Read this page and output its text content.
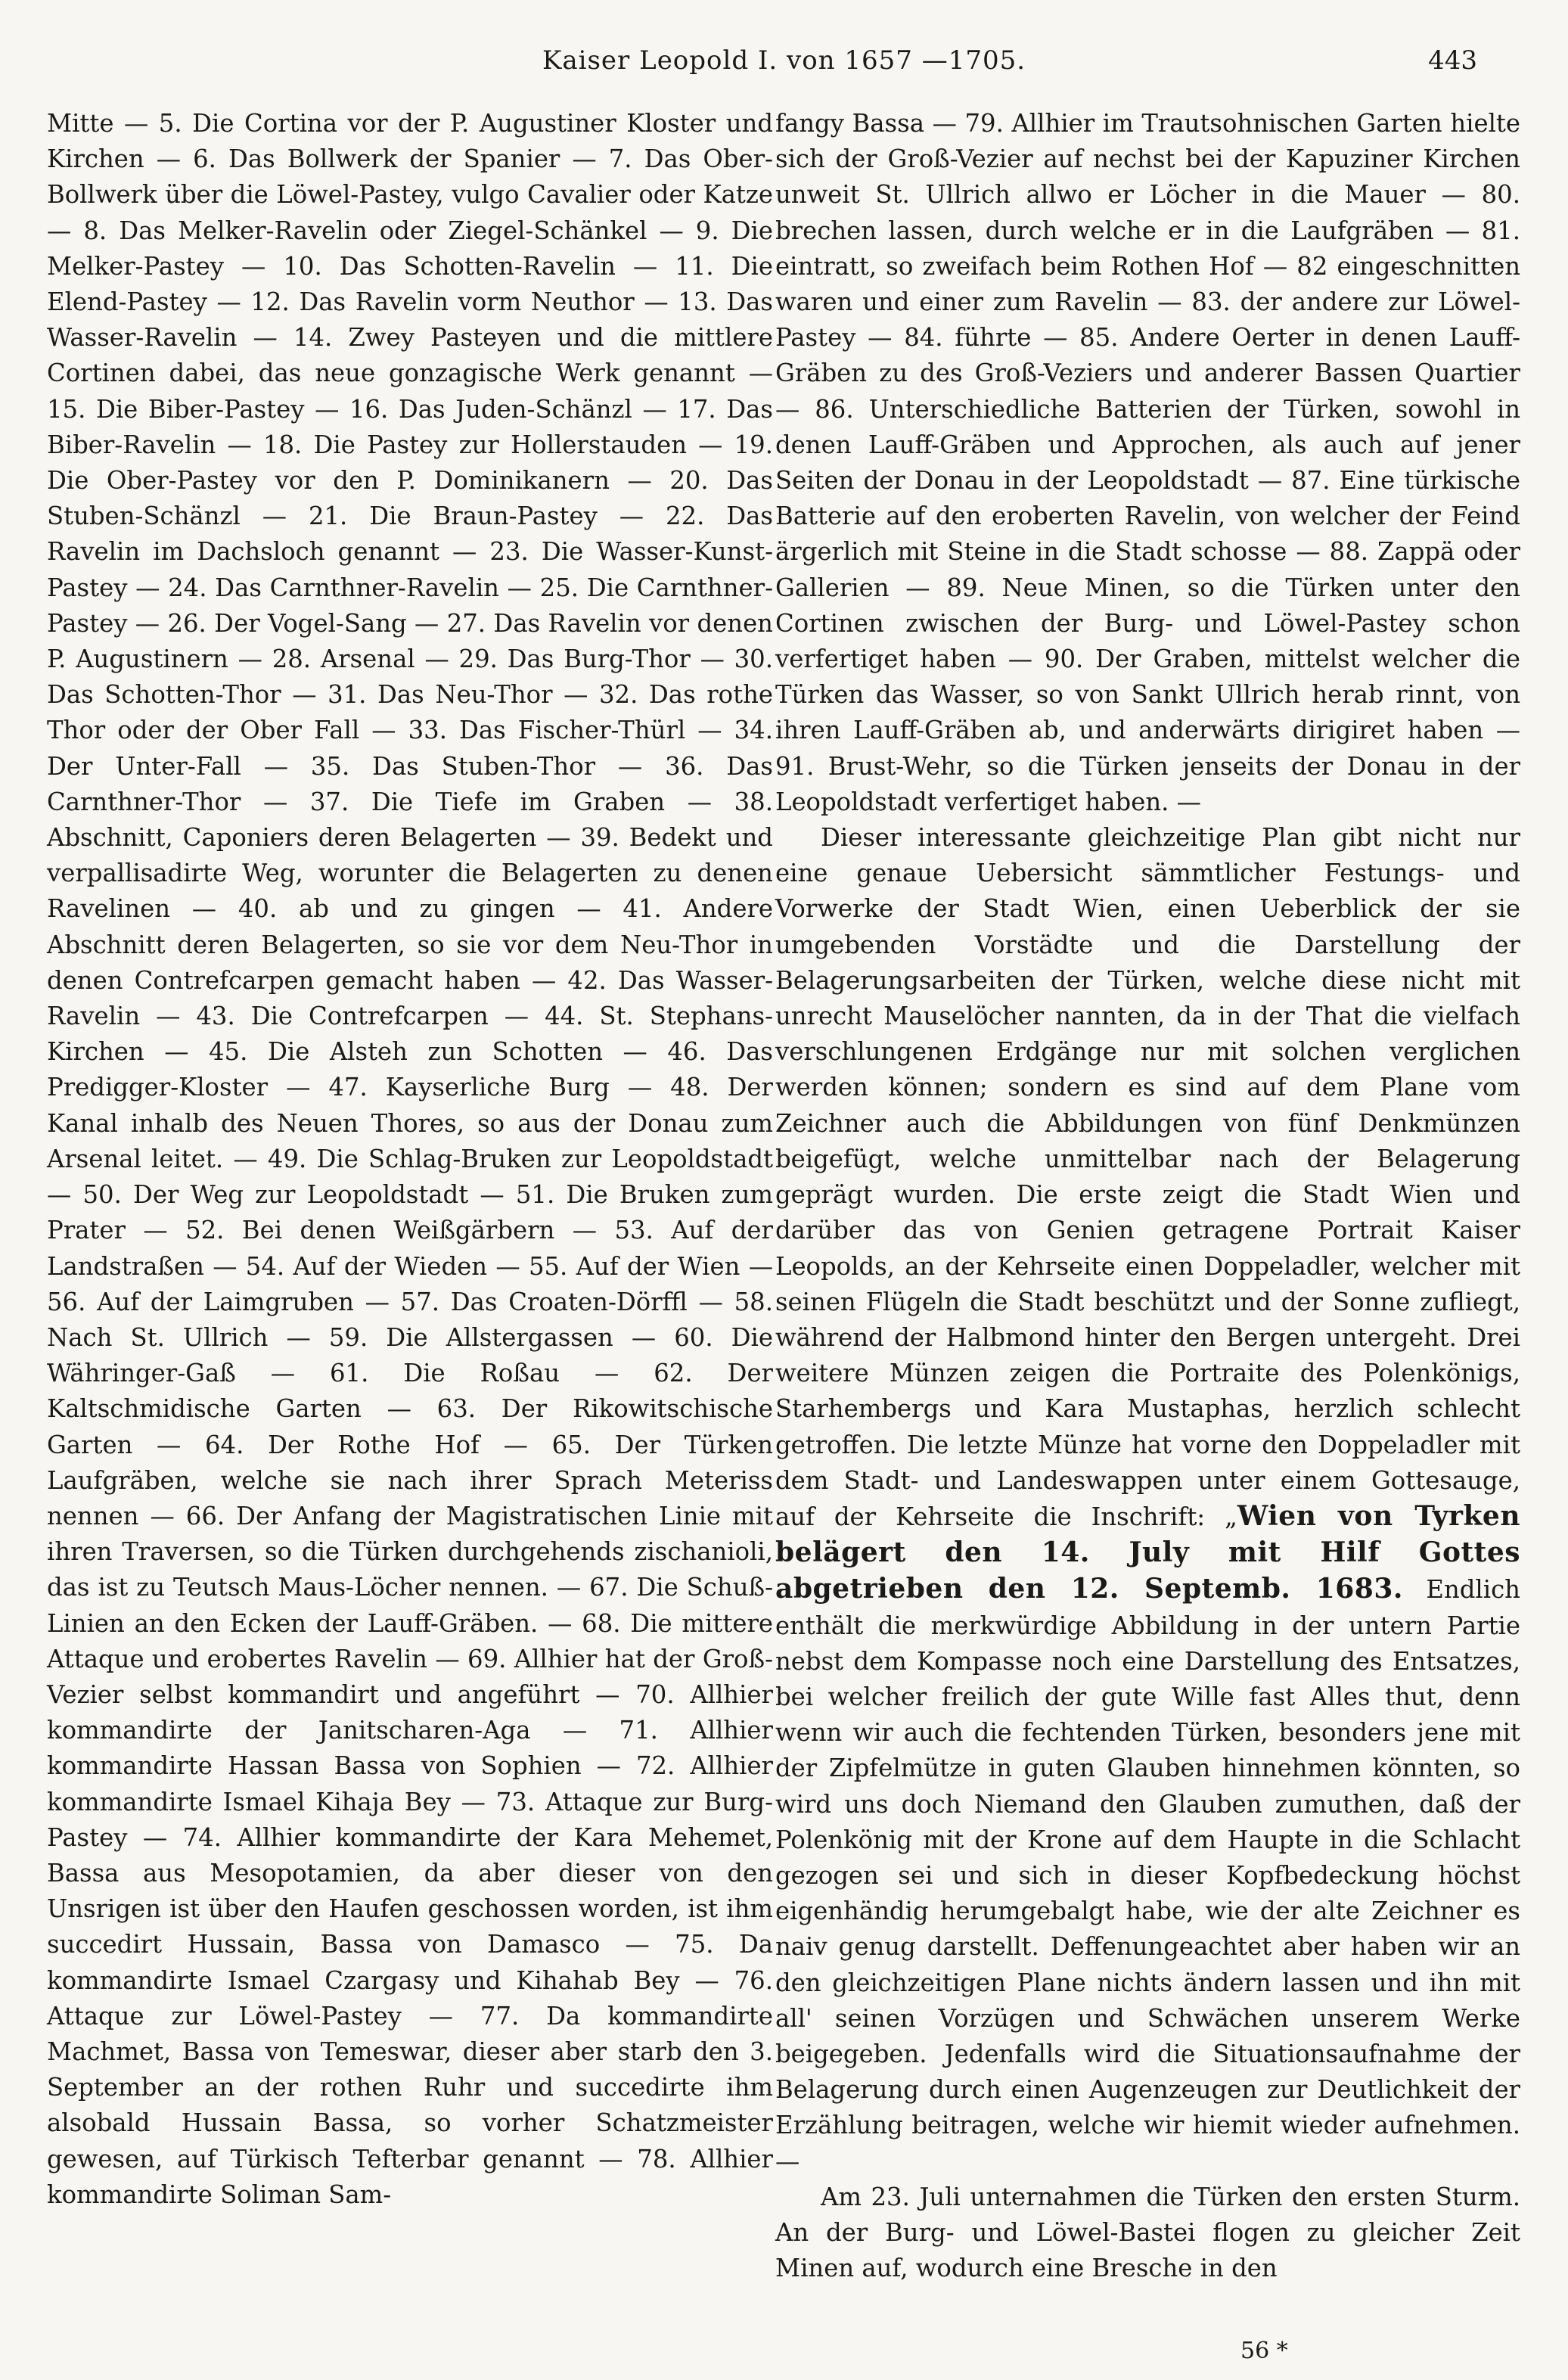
Kaiser Leopold I. von 1657 —1705.	443

Mitte — 5. Die Cortina vor der P. Augustiner Kloster und Kirchen — 6. Das Bollwerk der Spanier — 7. Das Ober-Bollwerk über die Löwel-Pastey, vulgo Cavalier oder Katze — 8. Das Melker-Ravelin oder Ziegel-Schänkel — 9. Die Melker-Pastey — 10. Das Schotten-Ravelin — 11. Die Elend-Pastey — 12. Das Ravelin vorm Neuthor — 13. Das Wasser-Ravelin — 14. Zwey Pasteyen und die mittlere Cortinen dabei, das neue gonzagische Werk genannt — 15. Die Biber-Pastey — 16. Das Juden-Schänzl — 17. Das Biber-Ravelin — 18. Die Pastey zur Hollerstauden — 19. Die Ober-Pastey vor den P. Dominikanern — 20. Das Stuben-Schänzl — 21. Die Braun-Pastey — 22. Das Ravelin im Dachsloch genannt — 23. Die Wasser-Kunst-Pastey — 24. Das Carnthner-Ravelin — 25. Die Carnthner-Pastey — 26. Der Vogel-Sang — 27. Das Ravelin vor denen P. Augustinern — 28. Arsenal — 29. Das Burg-Thor — 30. Das Schotten-Thor — 31. Das Neu-Thor — 32. Das rothe Thor oder der Ober Fall — 33. Das Fischer-Thürl — 34. Der Unter-Fall — 35. Das Stuben-Thor — 36. Das Carnthner-Thor — 37. Die Tiefe im Graben — 38. Abschnitt, Caponiers deren Belagerten — 39. Bedekt und verpallisadirte Weg, worunter die Belagerten zu denen Ravelinen — 40. ab und zu gingen — 41. Andere Abschnitt deren Belagerten, so sie vor dem Neu-Thor in denen Contrefcarpen gemacht haben — 42. Das Wasser-Ravelin — 43. Die Contrefcarpen — 44. St. Stephans-Kirchen — 45. Die Alsteh zun Schotten — 46. Das Predigger-Kloster — 47. Kayserliche Burg — 48. Der Kanal inhalb des Neuen Thores, so aus der Donau zum Arsenal leitet. — 49. Die Schlag-Bruken zur Leopoldstadt — 50. Der Weg zur Leopoldstadt — 51. Die Bruken zum Prater — 52. Bei denen Weißgärbern — 53. Auf der Landstraßen — 54. Auf der Wieden — 55. Auf der Wien — 56. Auf der Laimgruben — 57. Das Croaten-Dörffl — 58. Nach St. Ullrich — 59. Die Allstergassen — 60. Die Währinger-Gaß — 61. Die Roßau — 62. Der Kaltschmidische Garten — 63. Der Rikowitschische Garten — 64. Der Rothe Hof — 65. Der Türken Laufgräben, welche sie nach ihrer Sprach Meteriss nennen — 66. Der Anfang der Magistratischen Linie mit ihren Traversen, so die Türken durchgehends zischanioli, das ist zu Teutsch Maus-Löcher nennen. — 67. Die Schuß-Linien an den Ecken der Lauff-Gräben. — 68. Die mittere Attaque und erobertes Ravelin — 69. Allhier hat der Groß-Vezier selbst kommandirt und angeführt — 70. Allhier kommandirte der Janitscharen-Aga — 71. Allhier kommandirte Hassan Bassa von Sophien — 72. Allhier kommandirte Ismael Kihaja Bey — 73. Attaque zur Burg-Pastey — 74. Allhier kommandirte der Kara Mehemet, Bassa aus Mesopotamien, da aber dieser von den Unsrigen ist über den Haufen geschossen worden, ist ihm succedirt Hussain, Bassa von Damasco — 75. Da kommandirte Ismael Czargasy und Kihahab Bey — 76. Attaque zur Löwel-Pastey — 77. Da kommandirte Machmet, Bassa von Temeswar, dieser aber starb den 3. September an der rothen Ruhr und succedirte ihm alsobald Hussain Bassa, so vorher Schatzmeister gewesen, auf Türkisch Tefterbar genannt — 78. Allhier kommandirte Soliman Sam-

fangy Bassa — 79. Allhier im Trautsohnischen Garten hielte sich der Groß-Vezier auf nechst bei der Kapuziner Kirchen unweit St. Ullrich allwo er Löcher in die Mauer — 80. brechen lassen, durch welche er in die Laufgräben — 81. eintratt, so zweifach beim Rothen Hof — 82 eingeschnitten waren und einer zum Ravelin — 83. der andere zur Löwel-Pastey — 84. führte — 85. Andere Oerter in denen Lauff-Gräben zu des Groß-Veziers und anderer Bassen Quartier — 86. Unterschiedliche Batterien der Türken, sowohl in denen Lauff-Gräben und Approchen, als auch auf jener Seiten der Donau in der Leopoldstadt — 87. Eine türkische Batterie auf den eroberten Ravelin, von welcher der Feind ärgerlich mit Steine in die Stadt schosse — 88. Zappä oder Gallerien — 89. Neue Minen, so die Türken unter den Cortinen zwischen der Burg- und Löwel-Pastey schon verfertiget haben — 90. Der Graben, mittelst welcher die Türken das Wasser, so von Sankt Ullrich herab rinnt, von ihren Lauff-Gräben ab, und anderwärts dirigiret haben — 91. Brust-Wehr, so die Türken jenseits der Donau in der Leopoldstadt verfertiget haben. —

Dieser interessante gleichzeitige Plan gibt nicht nur eine genaue Uebersicht sämmtlicher Festungs- und Vorwerke der Stadt Wien, einen Ueberblick der sie umgebenden Vorstädte und die Darstellung der Belagerungsarbeiten der Türken, welche diese nicht mit unrecht Mauselöcher nannten, da in der That die vielfach verschlungenen Erdgänge nur mit solchen verglichen werden können; sondern es sind auf dem Plane vom Zeichner auch die Abbildungen von fünf Denkmünzen beigefügt, welche unmittelbar nach der Belagerung geprägt wurden. Die erste zeigt die Stadt Wien und darüber das von Genien getragene Portrait Kaiser Leopolds, an der Kehrseite einen Doppeladler, welcher mit seinen Flügeln die Stadt beschützt und der Sonne zufliegt, während der Halbmond hinter den Bergen untergeht. Drei weitere Münzen zeigen die Portraite des Polenkönigs, Starhembergs und Kara Mustaphas, herzlich schlecht getroffen. Die letzte Münze hat vorne den Doppeladler mit dem Stadt- und Landeswappen unter einem Gottesauge, auf der Kehrseite die Inschrift: „Wien von Tyrken belägert den 14. July mit Hilf Gottes abgetrieben den 12. Septemb. 1683. Endlich enthält die merkwürdige Abbildung in der untern Partie nebst dem Kompasse noch eine Darstellung des Entsatzes, bei welcher freilich der gute Wille fast Alles thut, denn wenn wir auch die fechtenden Türken, besonders jene mit der Zipfelmütze in guten Glauben hinnehmen könnten, so wird uns doch Niemand den Glauben zumuthen, daß der Polenkönig mit der Krone auf dem Haupte in die Schlacht gezogen sei und sich in dieser Kopfbedeckung höchst eigenhändig herumgebalgt habe, wie der alte Zeichner es naiv genug darstellt. Deffenungeachtet aber haben wir an den gleichzeitigen Plane nichts ändern lassen und ihn mit all' seinen Vorzügen und Schwächen unserem Werke beigegeben. Jedenfalls wird die Situationsaufnahme der Belagerung durch einen Augenzeugen zur Deutlichkeit der Erzählung beitragen, welche wir hiemit wieder aufnehmen. —

Am 23. Juli unternahmen die Türken den ersten Sturm. An der Burg- und Löwel-Bastei flogen zu gleicher Zeit Minen auf, wodurch eine Bresche in den

56 *
